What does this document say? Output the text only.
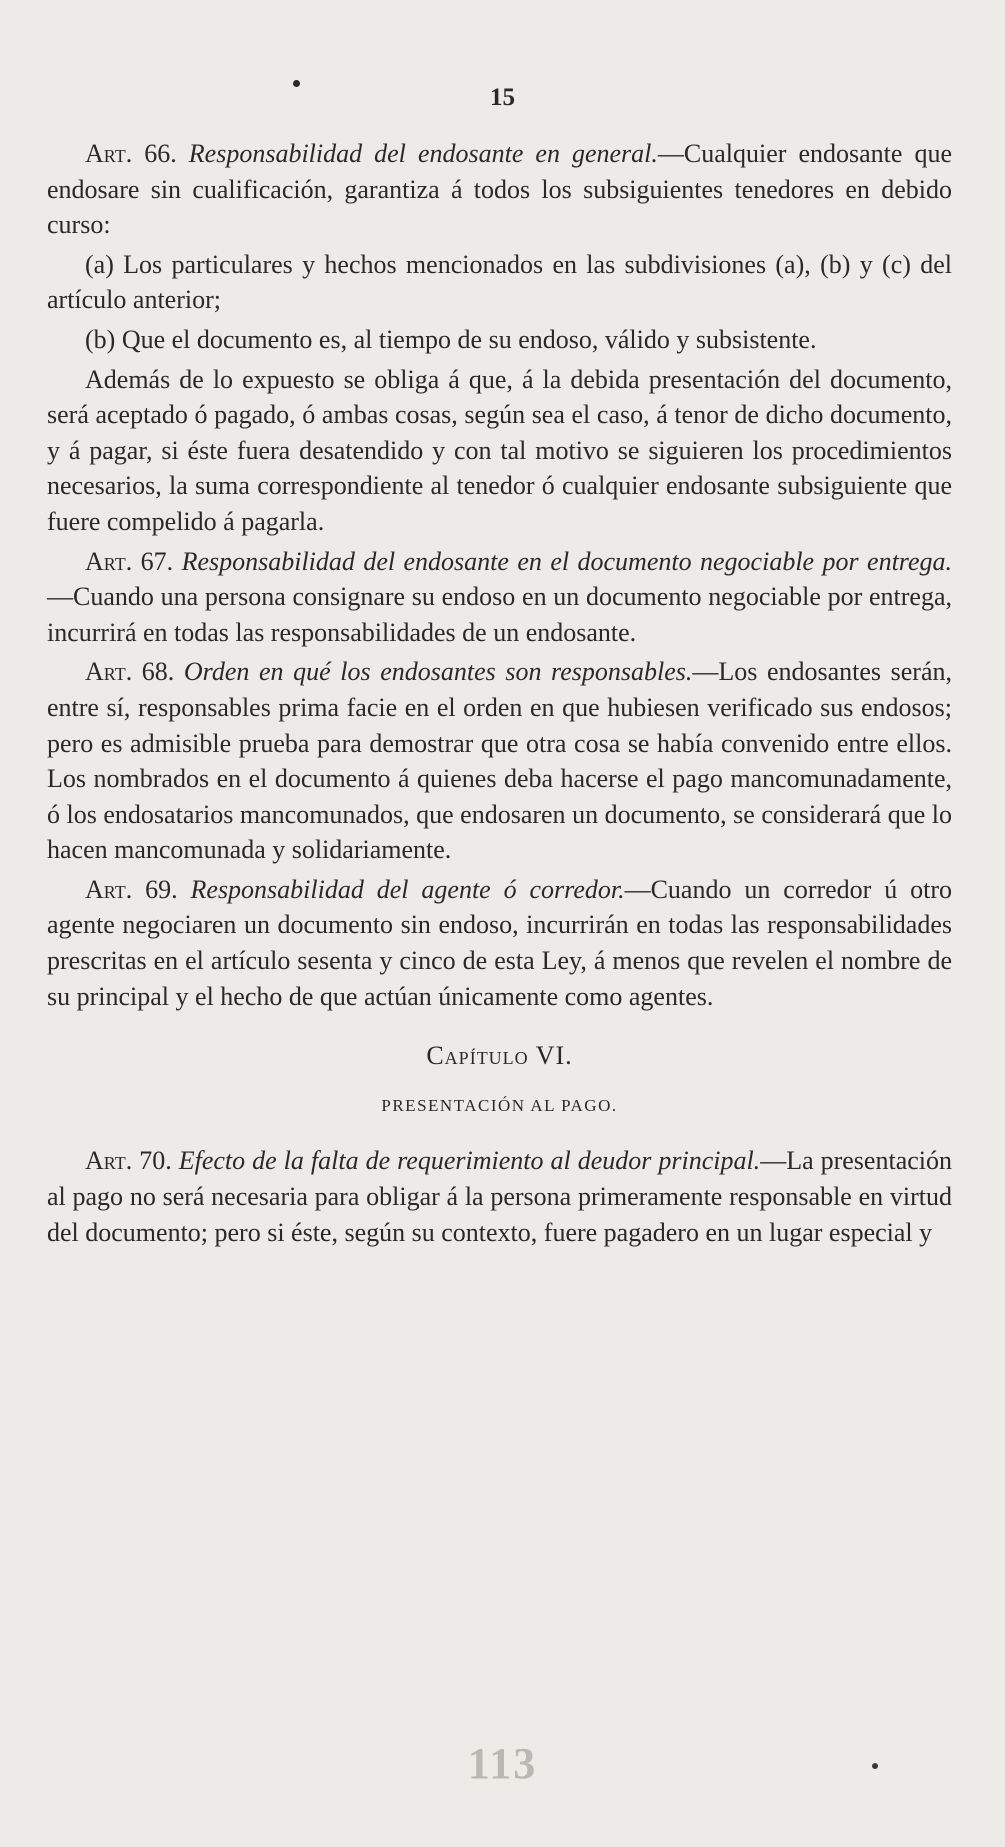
15

Art. 66. Responsabilidad del endosante en general.—Cualquier endosante que endosare sin cualificación, garantiza á todos los subsiguientes tenedores en debido curso:

(a) Los particulares y hechos mencionados en las subdivisiones (a), (b) y (c) del artículo anterior;

(b) Que el documento es, al tiempo de su endoso, válido y subsistente.

Además de lo expuesto se obliga á que, á la debida presentación del documento, será aceptado ó pagado, ó ambas cosas, según sea el caso, á tenor de dicho documento, y á pagar, si éste fuera desatendido y con tal motivo se siguieren los procedimientos necesarios, la suma correspondiente al tenedor ó cualquier endosante subsiguiente que fuere compelido á pagarla.

Art. 67. Responsabilidad del endosante en el documento negociable por entrega.—Cuando una persona consignare su endoso en un documento negociable por entrega, incurrirá en todas las responsabilidades de un endosante.

Art. 68. Orden en qué los endosantes son responsables.—Los endosantes serán, entre sí, responsables prima facie en el orden en que hubiesen verificado sus endosos; pero es admisible prueba para demostrar que otra cosa se había convenido entre ellos. Los nombrados en el documento á quienes deba hacerse el pago mancomunadamente, ó los endosatarios mancomunados, que endosaren un documento, se considerará que lo hacen mancomunada y solidariamente.

Art. 69. Responsabilidad del agente ó corredor.—Cuando un corredor ú otro agente negociaren un documento sin endoso, incurrirán en todas las responsabilidades prescritas en el artículo sesenta y cinco de esta Ley, á menos que revelen el nombre de su principal y el hecho de que actúan únicamente como agentes.

Capítulo VI.
PRESENTACIÓN AL PAGO.

Art. 70. Efecto de la falta de requerimiento al deudor principal.—La presentación al pago no será necesaria para obligar á la persona primeramente responsable en virtud del documento; pero si éste, según su contexto, fuere pagadero en un lugar especial y

113
